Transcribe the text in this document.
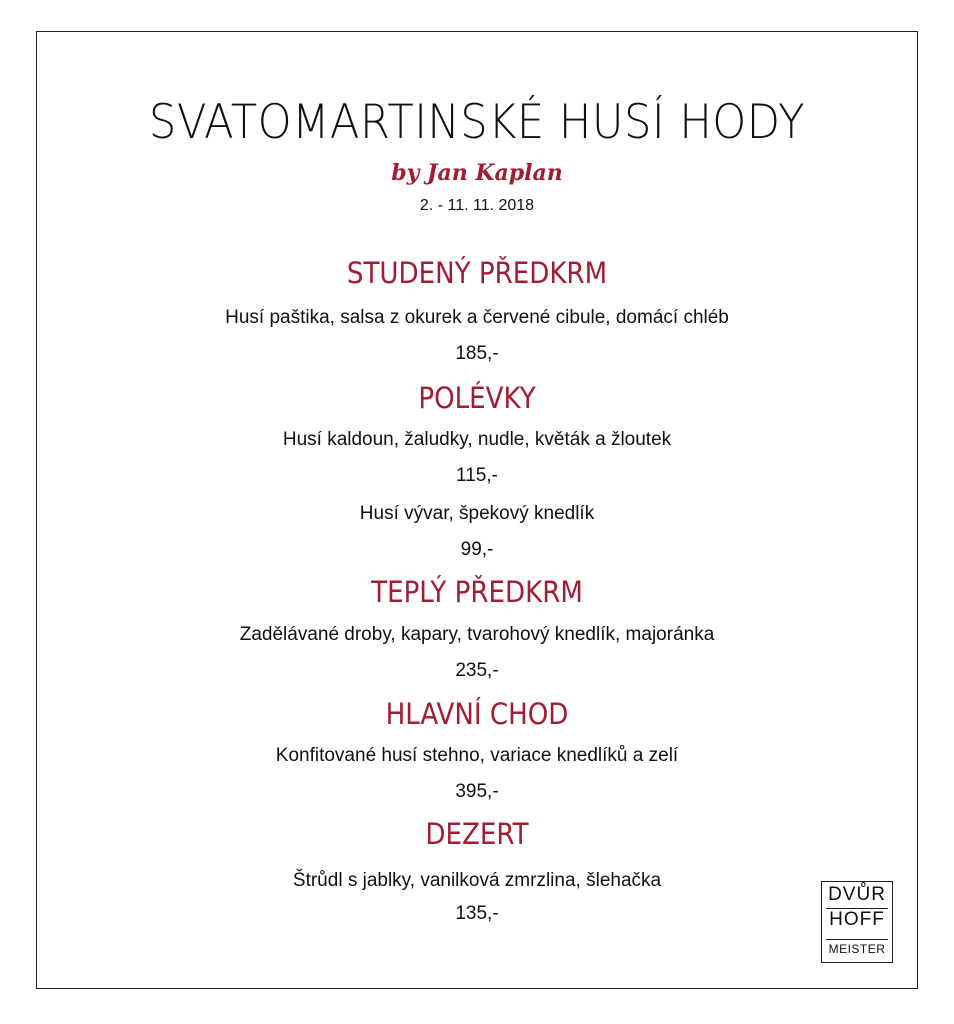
SVATOMARTINSKÉ HUSÍ HODY
by Jan Kaplan
2. - 11. 11. 2018
STUDENÝ PŘEDKRM
Husí paštika, salsa z okurek a červené cibule, domácí chléb
185,-
POLÉVKY
Husí kaldoun, žaludky, nudle, květák a žloutek
115,-
Husí vývar, špekový knedlík
99,-
TEPLÝ PŘEDKRM
Zadělávané droby, kapary, tvarohový knedlík, majoránka
235,-
HLAVNÍ CHOD
Konfitované husí stehno, variace knedlíků a zelí
395,-
DEZERT
Štrůdl s jablky, vanilková zmrzlina, šlehačka
135,-
DVŮR
HOFF
MEISTER
